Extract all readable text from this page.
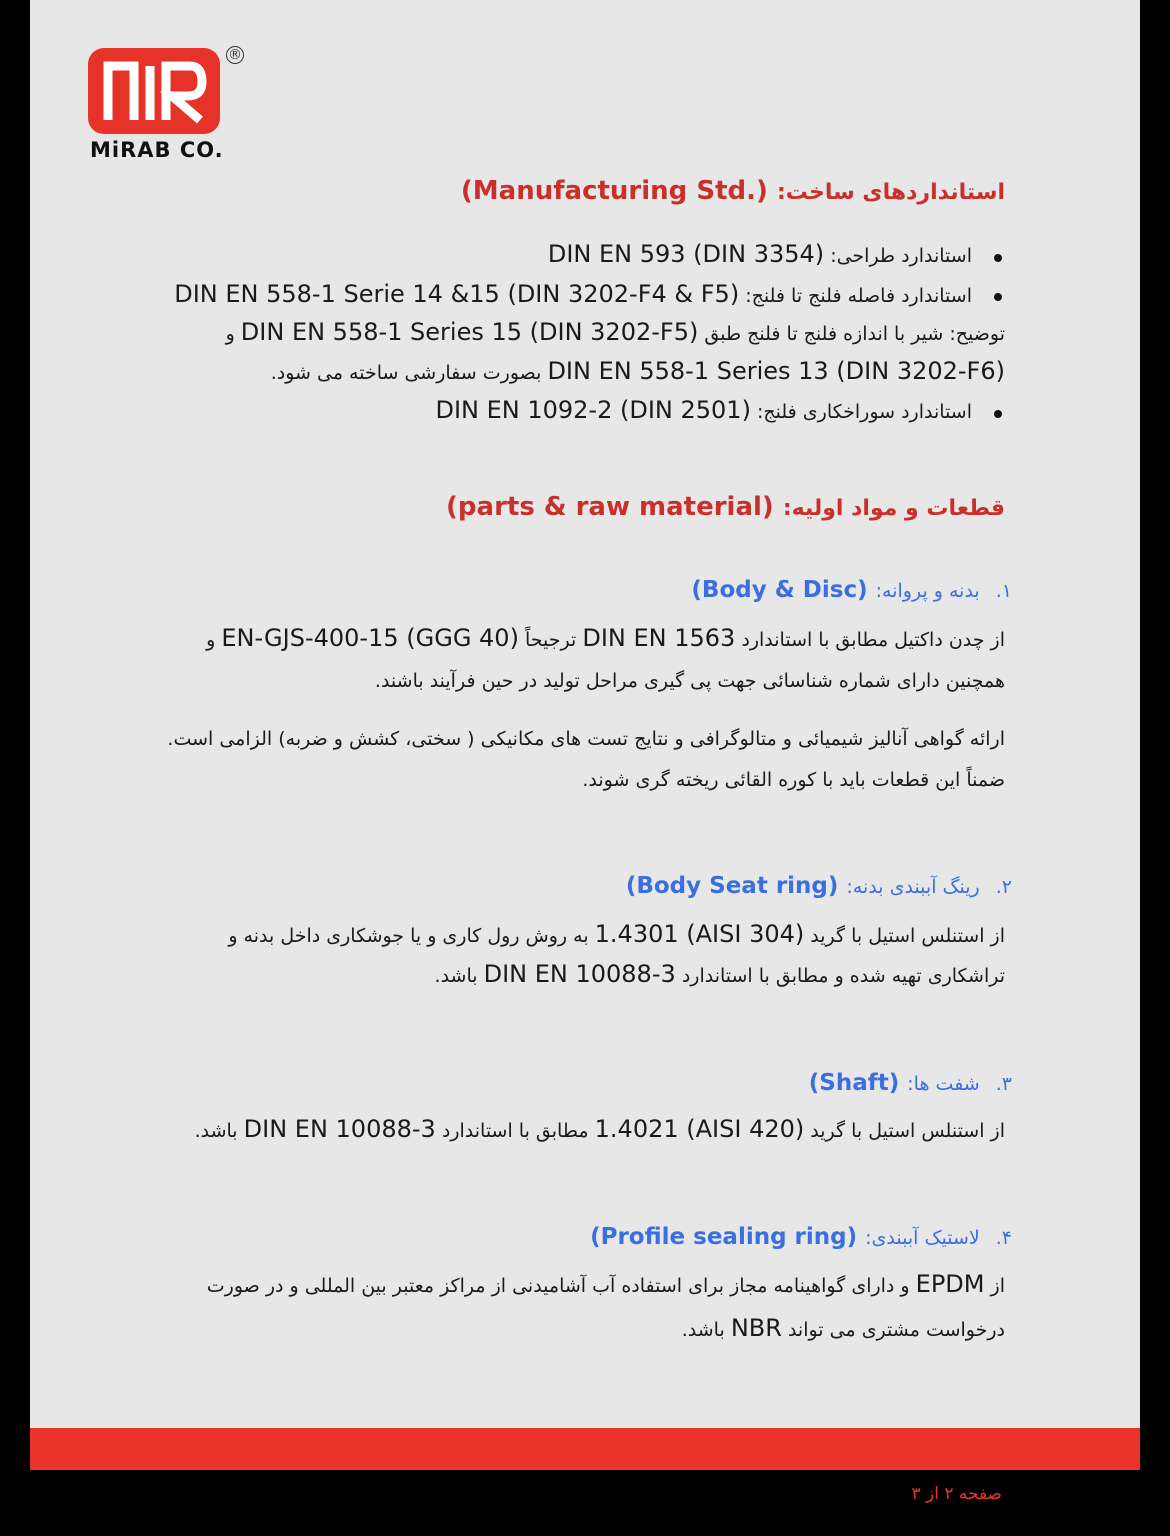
®
MiRAB CO.
استانداردهای ساخت: (Manufacturing Std.)
استاندارد طراحی: DIN EN 593 (DIN 3354)
استاندارد فاصله فلنج تا فلنج: DIN EN 558-1 Serie 14 &15 (DIN 3202-F4 & F5)
توضیح: شیر با اندازه فلنج تا فلنج طبق DIN EN 558-1 Series 15 (DIN 3202-F5) و
DIN EN 558-1 Series 13 (DIN 3202-F6) بصورت سفارشی ساخته می شود.
استاندارد سوراخکاری فلنج: DIN EN 1092-2 (DIN 2501)
قطعات و مواد اولیه: (parts & raw material)
۱.  بدنه و پروانه: (Body & Disc)
از چدن داکتیل مطابق با استاندارد DIN EN 1563 ترجیحاً EN-GJS-400-15 (GGG 40) و
همچنین دارای شماره شناسائی جهت پی گیری مراحل تولید در حین فرآیند باشند.
ارائه گواهی آنالیز شیمیائی و متالوگرافی و نتایج تست های مکانیکی ( سختی، کشش و ضربه) الزامی است.
ضمناً این قطعات باید با کوره القائی ریخته گری شوند.
۲.  رینگ آببندی بدنه: (Body Seat ring)
از استنلس استیل با گرید 1.4301 (AISI 304) به روش رول کاری و یا جوشکاری داخل بدنه و
تراشکاری تهیه شده و مطابق با استاندارد DIN EN 10088-3 باشد.
۳.  شفت ها: (Shaft)
از استنلس استیل با گرید 1.4021 (AISI 420) مطابق با استاندارد DIN EN 10088-3 باشد.
۴.  لاستیک آببندی: (Profile sealing ring)
از EPDM و دارای گواهینامه مجاز برای استفاده آب آشامیدنی از مراکز معتبر بین المللی و در صورت
درخواست مشتری می تواند NBR باشد.
صفحه ۲ از ۳
